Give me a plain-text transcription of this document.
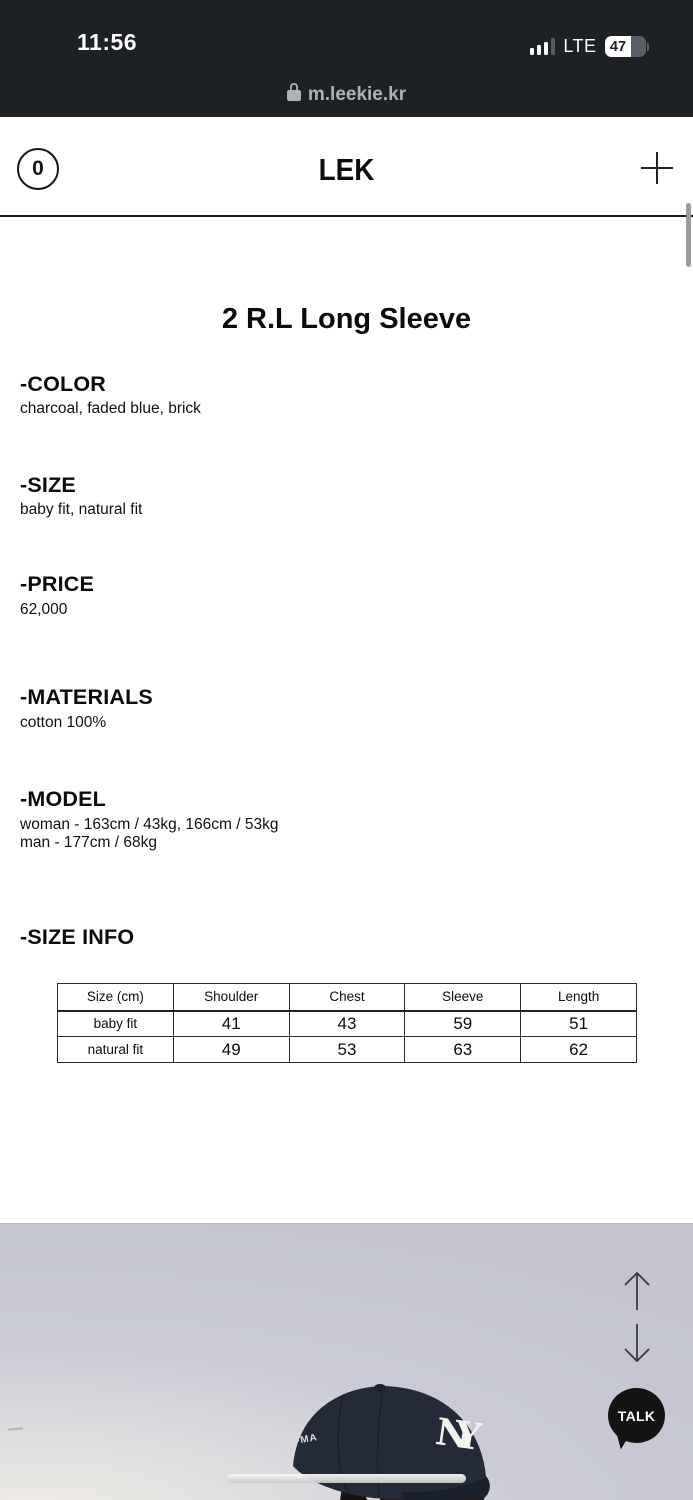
11:56	LTE 47
m.leekie.kr
0	LEK
2 R.L Long Sleeve
-COLOR
charcoal, faded blue, brick
-SIZE
baby fit, natural fit
-PRICE
62,000
-MATERIALS
cotton 100%
-MODEL
woman - 163cm / 43kg, 166cm / 53kg
man - 177cm / 68kg
-SIZE INFO
Size (cm)	Shoulder	Chest	Sleeve	Length
baby fit	41	43	59	51
natural fit	49	53	63	62
NY
-MA
TALK
